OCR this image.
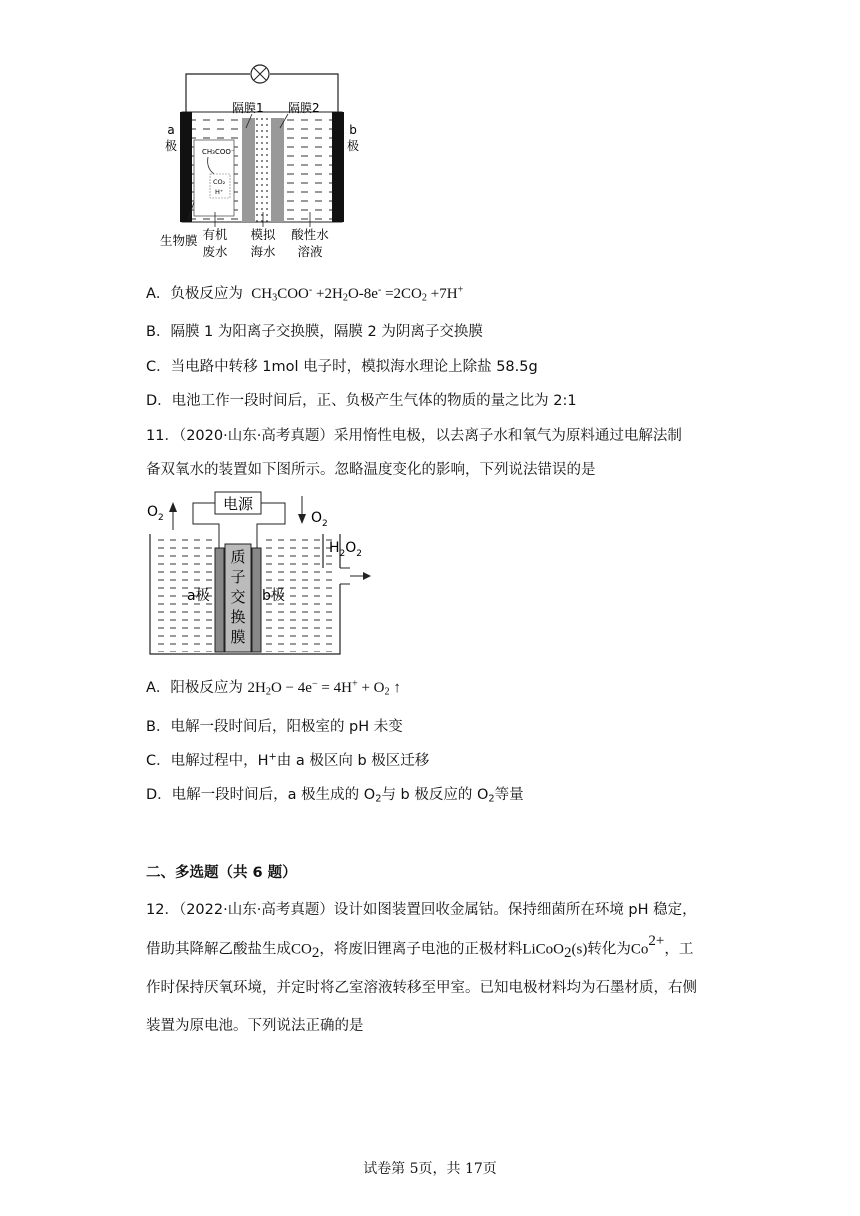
a
极
b
极
隔膜1 隔膜2
CH₃COO⁻
CO₂
H⁺
生物膜 有机
废水
模拟
海水
酸性水
溶液
A．负极反应为 $CH_3COO^- +2H_2O-8e^- =2CO_2 +7H^+$
B．隔膜 1 为阳离子交换膜，隔膜 2 为阴离子交换膜
C．当电路中转移 1mol 电子时，模拟海水理论上除盐 58.5g
D．电池工作一段时间后，正、负极产生气体的物质的量之比为 2:1
11．（2020·山东·高考真题）采用惰性电极，以去离子水和氧气为原料通过电解法制
备双氧水的装置如下图所示。忽略温度变化的影响，下列说法错误的是
电源
质
子
交
换
膜
a极	b极
$O_2$	$O_2$
$H_2O_2$
A．阳极反应为 $2H_2O - 4e^- = 4H^+ + O_2$ ↑
B．电解一段时间后，阳极室的 pH 未变
C．电解过程中，H+由 a 极区向 b 极区迁移
D．电解一段时间后，a 极生成的 $O_2$与 b 极反应的 $O_2$等量
二、多选题（共 6 题）
12．（2022·山东·高考真题）设计如图装置回收金属钴。保持细菌所在环境 pH 稳定，
借助其降解乙酸盐生成$CO_2$，将废旧锂离子电池的正极材料LiCoO$_2$(s)转化为$Co^{2+}$，工
作时保持厌氧环境，并定时将乙室溶液转移至甲室。已知电极材料均为石墨材质，右侧
装置为原电池。下列说法正确的是
试卷第 5页，共 17页
